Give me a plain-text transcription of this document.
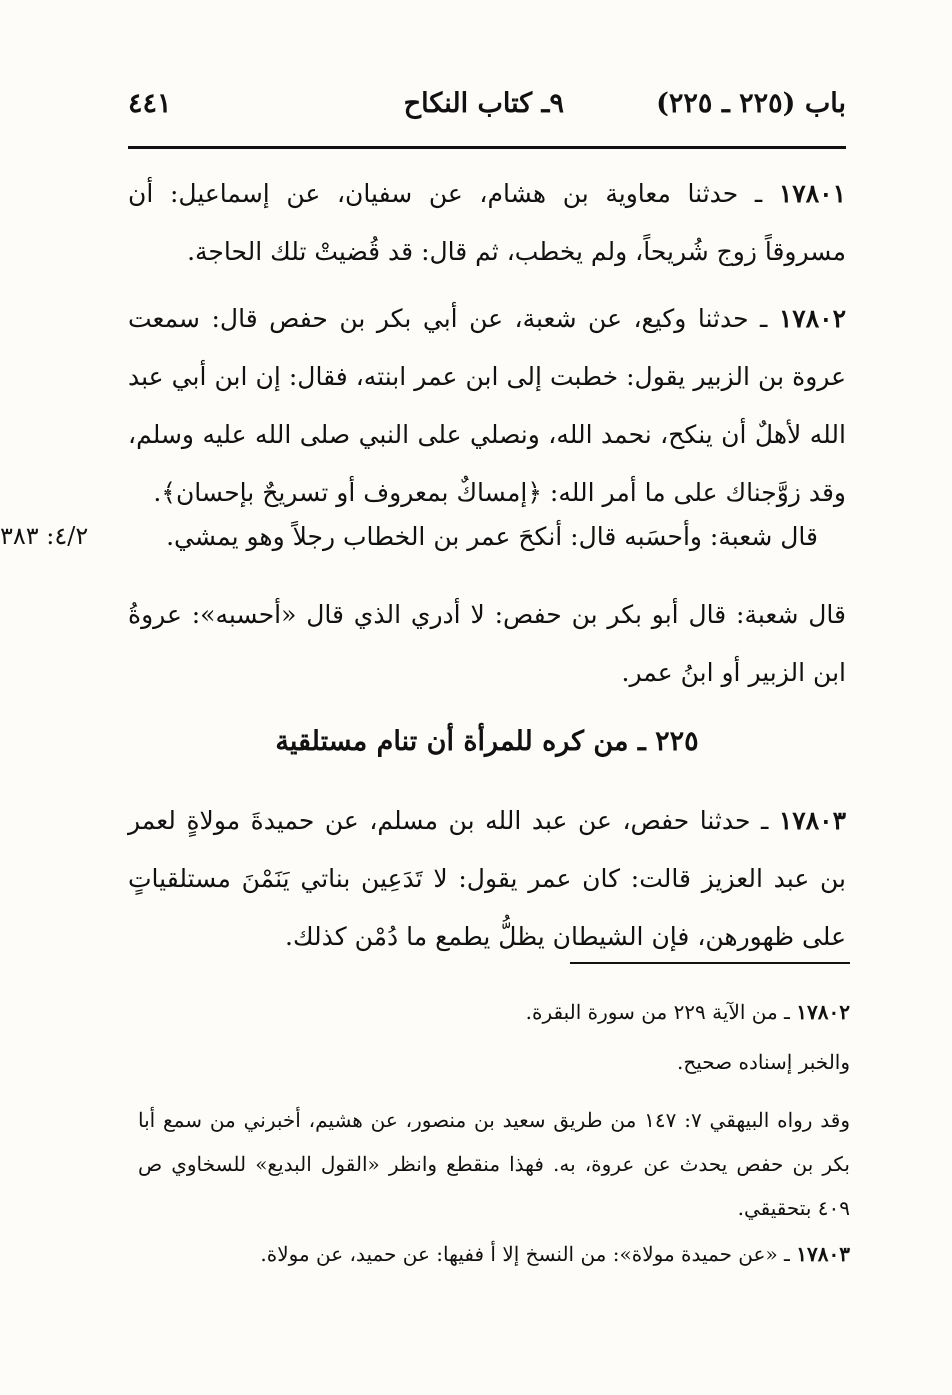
باب (٢٢٥ ـ ٢٢٥)
٩ـ كتاب النكاح
٤٤١

١٧٨٠١ ـ حدثنا معاوية بن هشام، عن سفيان، عن إسماعيل: أن مسروقاً زوج شُريحاً، ولم يخطب، ثم قال: قد قُضيتْ تلك الحاجة.

١٧٨٠٢ ـ حدثنا وكيع، عن شعبة، عن أبي بكر بن حفص قال: سمعت عروة بن الزبير يقول: خطبت إلى ابن عمر ابنته، فقال: إن ابن أبي عبد الله لأهلٌ أن ينكح، نحمد الله، ونصلي على النبي صلى الله عليه وسلم، وقد زوَّجناك على ما أمر الله: ﴿إمساكٌ بمعروف أو تسريحٌ بإحسان﴾.

قال شعبة: وأحسَبه قال: أنكحَ عمر بن الخطاب رجلاً وهو يمشي.

٤/٢: ٣٨٣

قال شعبة: قال أبو بكر بن حفص: لا أدري الذي قال «أحسبه»: عروةُ ابن الزبير أو ابنُ عمر.

٢٢٥ ـ من كره للمرأة أن تنام مستلقية

١٧٨٠٣ ـ حدثنا حفص، عن عبد الله بن مسلم، عن حميدةَ مولاةٍ لعمر بن عبد العزيز قالت: كان عمر يقول: لا تَدَعِين بناتي يَنَمْنَ مستلقياتٍ على ظهورهن، فإن الشيطان يظلُّ يطمع ما دُمْن كذلك.

١٧٨٠٢ ـ من الآية ٢٢٩ من سورة البقرة.

والخبر إسناده صحيح.

وقد رواه البيهقي ٧: ١٤٧ من طريق سعيد بن منصور، عن هشيم، أخبرني من سمع أبا بكر بن حفص يحدث عن عروة، به. فهذا منقطع وانظر «القول البديع» للسخاوي ص ٤٠٩ بتحقيقي.

١٧٨٠٣ ـ «عن حميدة مولاة»: من النسخ إلا أ ففيها: عن حميد، عن مولاة.
